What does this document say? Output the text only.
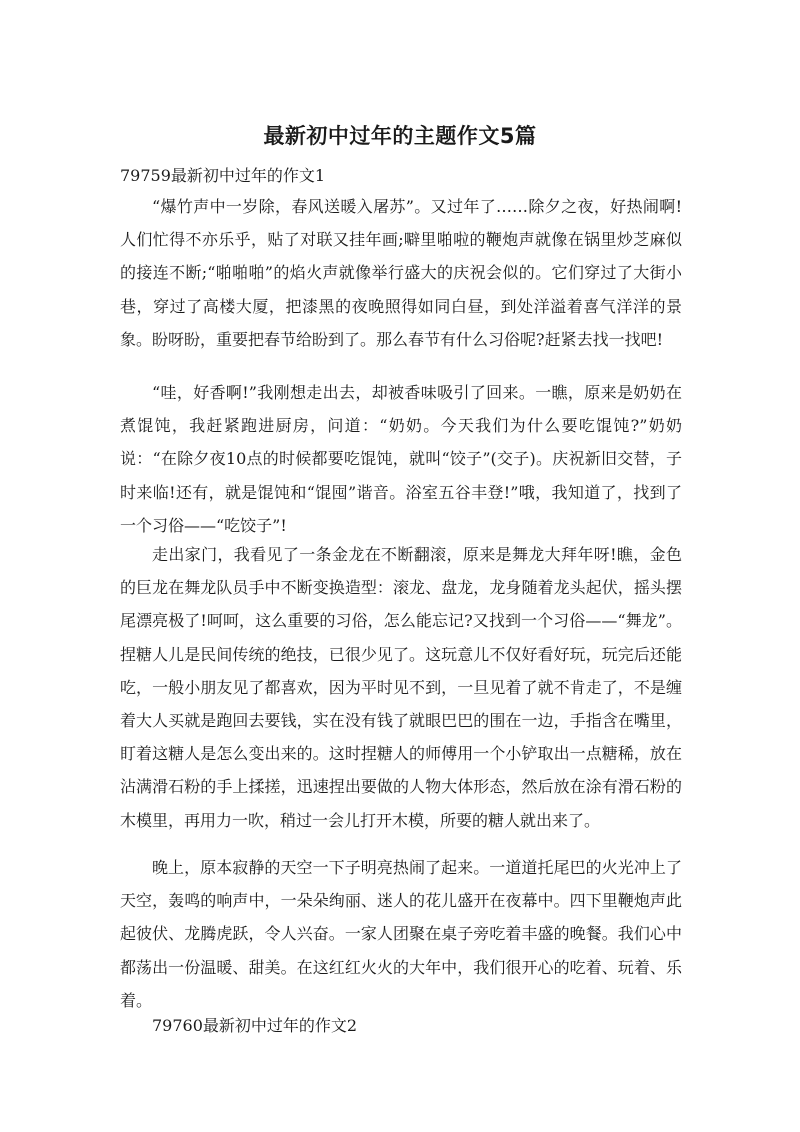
最新初中过年的主题作文5篇

79759最新初中过年的作文1

“爆竹声中一岁除，春风送暖入屠苏”。又过年了……除夕之夜，好热闹啊!人们忙得不亦乐乎，贴了对联又挂年画;噼里啪啦的鞭炮声就像在锅里炒芝麻似的接连不断;“啪啪啪”的焰火声就像举行盛大的庆祝会似的。它们穿过了大街小巷，穿过了高楼大厦，把漆黑的夜晚照得如同白昼，到处洋溢着喜气洋洋的景象。盼呀盼，重要把春节给盼到了。那么春节有什么习俗呢?赶紧去找一找吧!

“哇，好香啊!”我刚想走出去，却被香味吸引了回来。一瞧，原来是奶奶在煮馄饨，我赶紧跑进厨房，问道：“奶奶。今天我们为什么要吃馄饨?”奶奶说：“在除夕夜10点的时候都要吃馄饨，就叫“饺子”(交子)。庆祝新旧交替，子时来临!还有，就是馄饨和“馄囤”谐音。浴室五谷丰登!”哦，我知道了，找到了一个习俗——“吃饺子”!

走出家门，我看见了一条金龙在不断翻滚，原来是舞龙大拜年呀!瞧，金色的巨龙在舞龙队员手中不断变换造型：滚龙、盘龙，龙身随着龙头起伏，摇头摆尾漂亮极了!呵呵，这么重要的习俗，怎么能忘记?又找到一个习俗——“舞龙”。捏糖人儿是民间传统的绝技，已很少见了。这玩意儿不仅好看好玩，玩完后还能吃，一般小朋友见了都喜欢，因为平时见不到，一旦见着了就不肯走了，不是缠着大人买就是跑回去要钱，实在没有钱了就眼巴巴的围在一边，手指含在嘴里，盯着这糖人是怎么变出来的。这时捏糖人的师傅用一个小铲取出一点糖稀，放在沾满滑石粉的手上揉搓，迅速捏出要做的人物大体形态，然后放在涂有滑石粉的木模里，再用力一吹，稍过一会儿打开木模，所要的糖人就出来了。

晚上，原本寂静的天空一下子明亮热闹了起来。一道道托尾巴的火光冲上了天空，轰鸣的响声中，一朵朵绚丽、迷人的花儿盛开在夜幕中。四下里鞭炮声此起彼伏、龙腾虎跃，令人兴奋。一家人团聚在桌子旁吃着丰盛的晚餐。我们心中都荡出一份温暖、甜美。在这红红火火的大年中，我们很开心的吃着、玩着、乐着。

79760最新初中过年的作文2
